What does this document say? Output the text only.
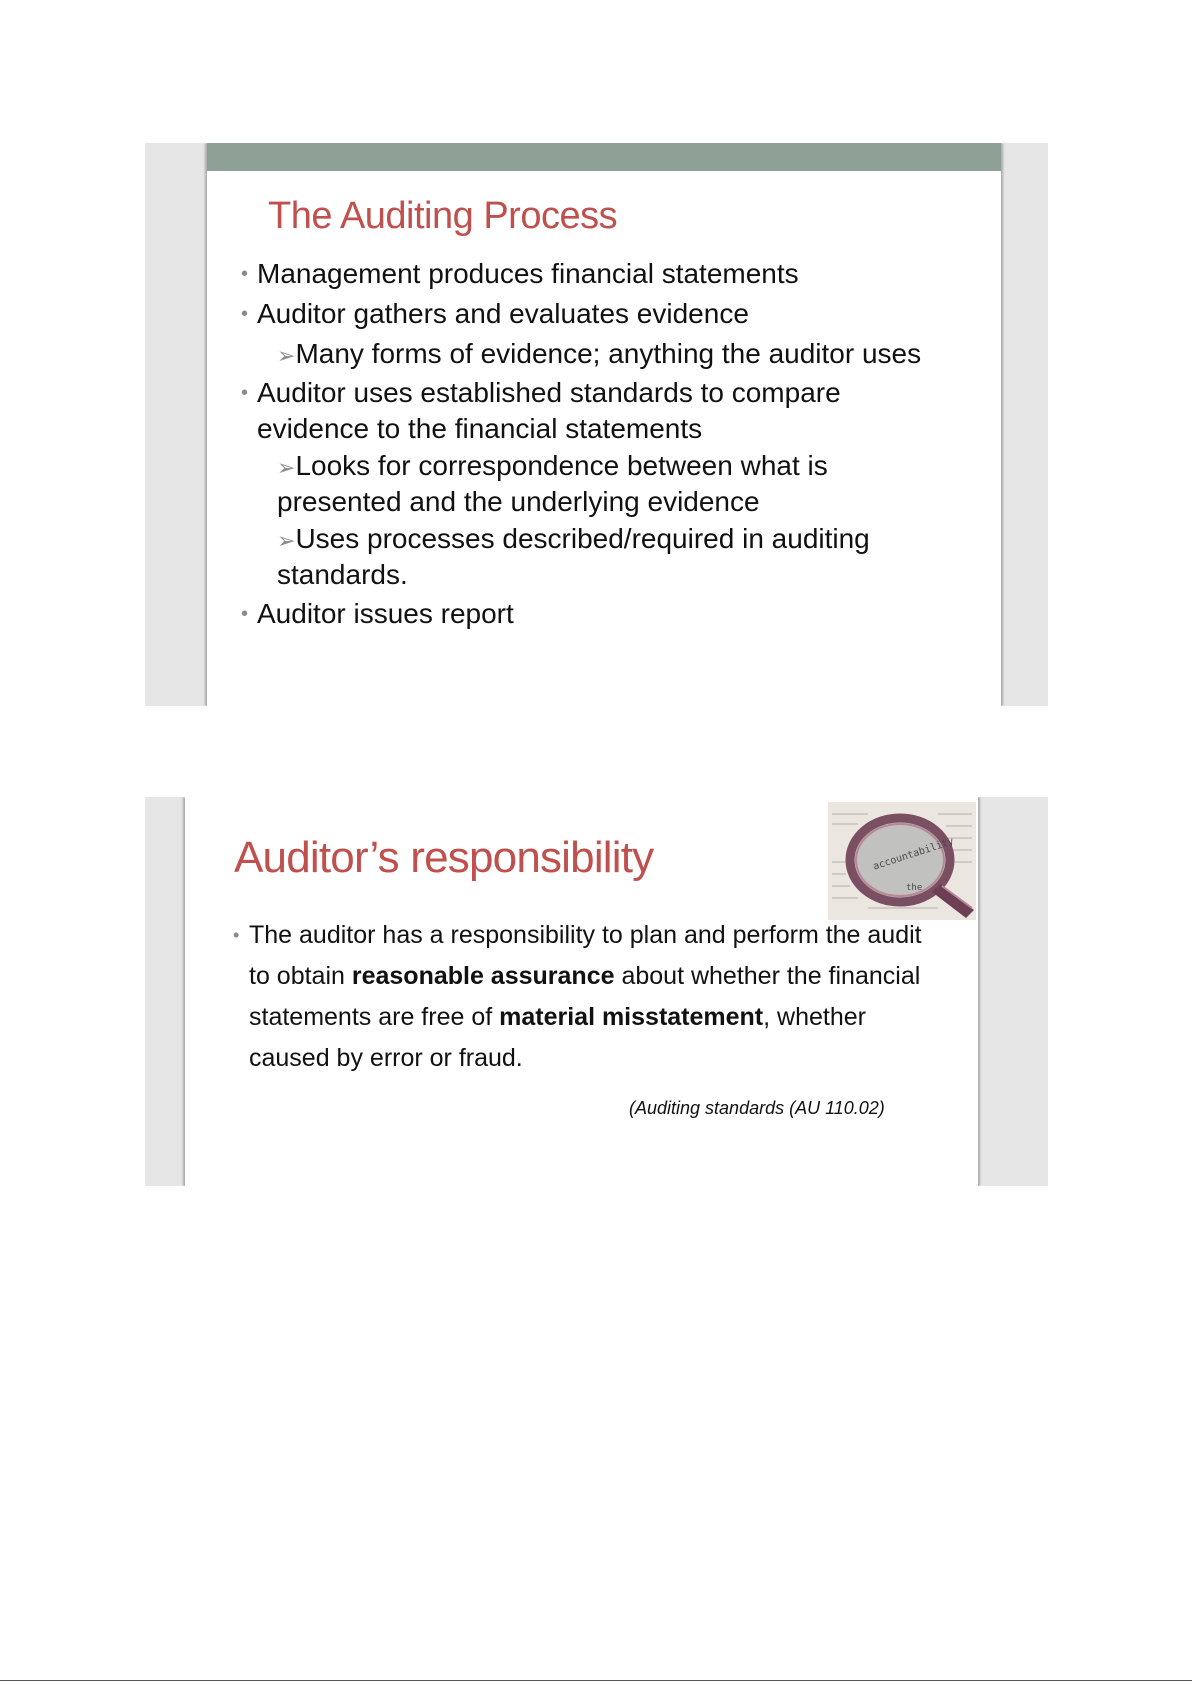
The Auditing Process
• Management produces financial statements
• Auditor gathers and evaluates evidence
➢Many forms of evidence; anything the auditor uses
• Auditor uses established standards to compare
evidence to the financial statements
➢Looks for correspondence between what is
presented and the underlying evidence
➢Uses processes described/required in auditing
standards.
• Auditor issues report
Auditor’s responsibility	accountability
the
• The auditor has a responsibility to plan and perform the audit to obtain reasonable assurance about whether the financial statements are free of material misstatement, whether caused by error or fraud.
(Auditing standards (AU 110.02)
